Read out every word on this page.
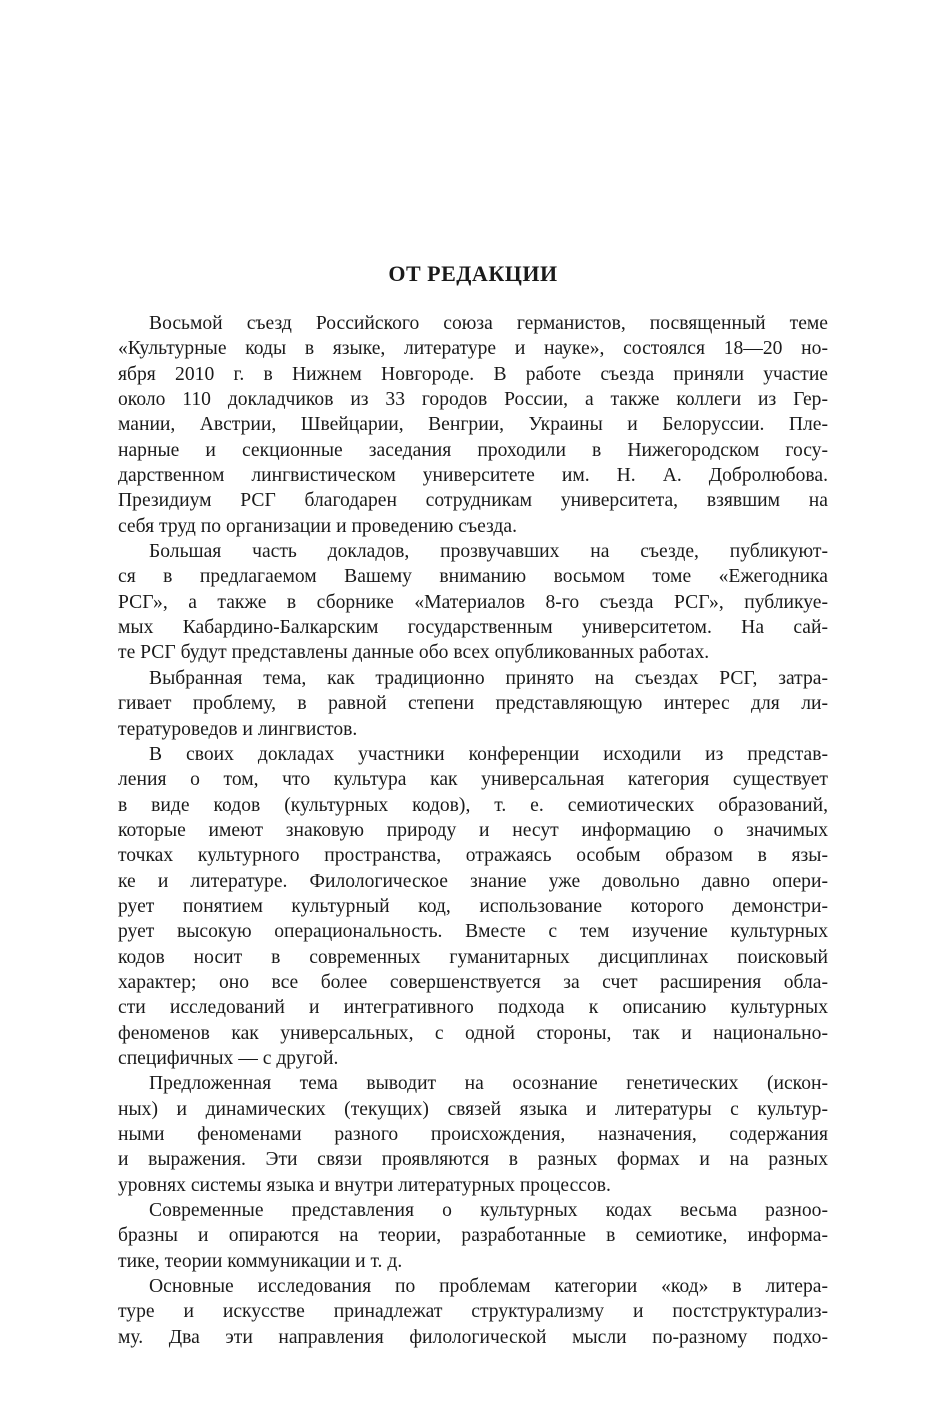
ОТ РЕДАКЦИИ
Восьмой съезд Российского союза германистов, посвященный теме
«Культурные коды в языке, литературе и науке», состоялся 18—20 но-
ября 2010 г. в Нижнем Новгороде. В работе съезда приняли участие
около 110 докладчиков из 33 городов России, а также коллеги из Гер-
мании, Австрии, Швейцарии, Венгрии, Украины и Белоруссии. Пле-
нарные и секционные заседания проходили в Нижегородском госу-
дарственном лингвистическом университете им. Н. А. Добролюбова.
Президиум РСГ благодарен сотрудникам университета, взявшим на
себя труд по организации и проведению съезда.
Большая часть докладов, прозвучавших на съезде, публикуют-
ся в предлагаемом Вашему вниманию восьмом томе «Ежегодника
РСГ», а также в сборнике «Материалов 8-го съезда РСГ», публикуе-
мых Кабардино-Балкарским государственным университетом. На сай-
те РСГ будут представлены данные обо всех опубликованных работах.
Выбранная тема, как традиционно принято на съездах РСГ, затра-
гивает проблему, в равной степени представляющую интерес для ли-
тературоведов и лингвистов.
В своих докладах участники конференции исходили из представ-
ления о том, что культура как универсальная категория существует
в виде кодов (культурных кодов), т. е. семиотических образований,
которые имеют знаковую природу и несут информацию о значимых
точках культурного пространства, отражаясь особым образом в язы-
ке и литературе. Филологическое знание уже довольно давно опери-
рует понятием культурный код, использование которого демонстри-
рует высокую операциональность. Вместе с тем изучение культурных
кодов носит в современных гуманитарных дисциплинах поисковый
характер; оно все более совершенствуется за счет расширения обла-
сти исследований и интегративного подхода к описанию культурных
феноменов как универсальных, с одной стороны, так и национально-
специфичных — с другой.
Предложенная тема выводит на осознание генетических (искон-
ных) и динамических (текущих) связей языка и литературы с культур-
ными феноменами разного происхождения, назначения, содержания
и выражения. Эти связи проявляются в разных формах и на разных
уровнях системы языка и внутри литературных процессов.
Современные представления о культурных кодах весьма разноо-
бразны и опираются на теории, разработанные в семиотике, информа-
тике, теории коммуникации и т. д.
Основные исследования по проблемам категории «код» в литера-
туре и искусстве принадлежат структурализму и постструктурализ-
му. Два эти направления филологической мысли по-разному подхо-
